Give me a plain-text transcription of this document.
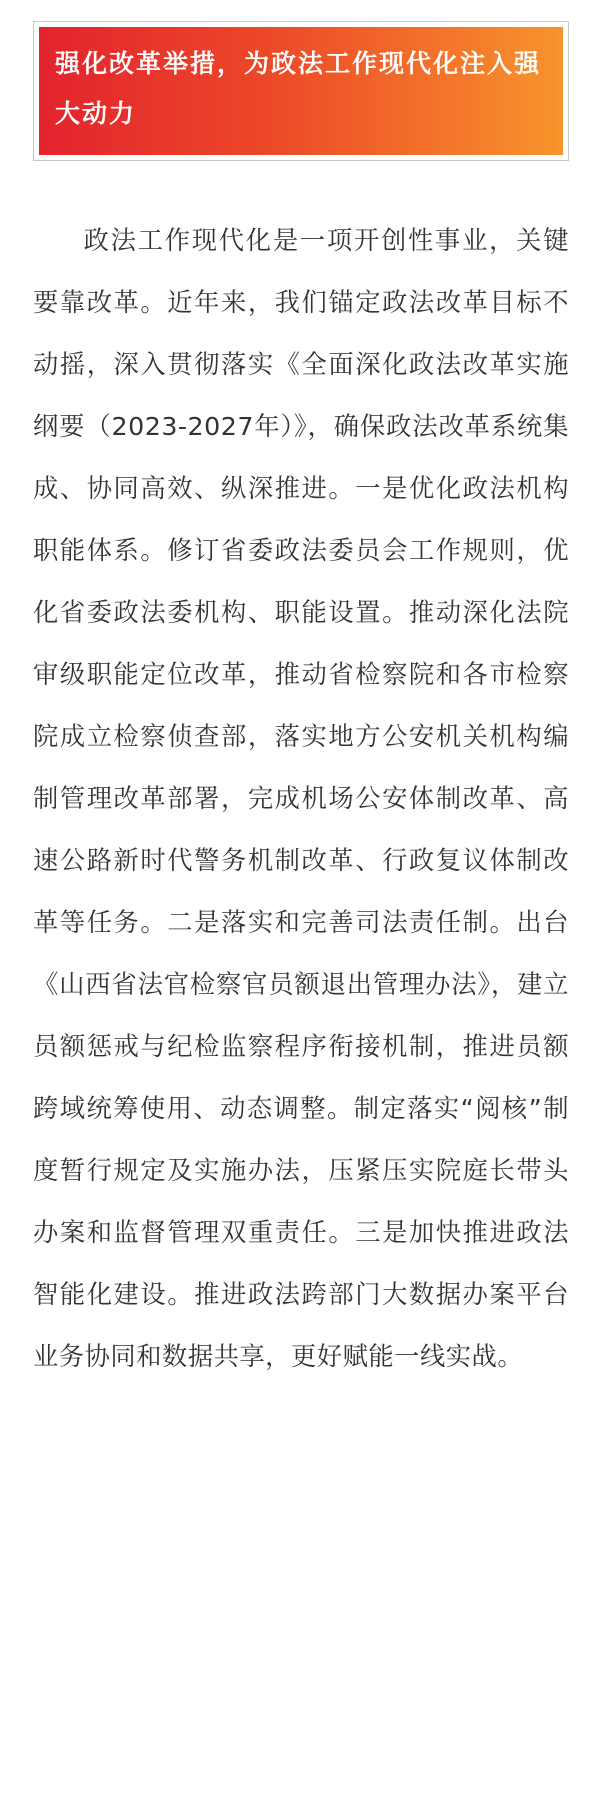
强化改革举措，为政法工作现代化注入强大动力

政法工作现代化是一项开创性事业，关键要靠改革。近年来，我们锚定政法改革目标不动摇，深入贯彻落实《全面深化政法改革实施纲要（2023-2027年）》，确保政法改革系统集成、协同高效、纵深推进。一是优化政法机构职能体系。修订省委政法委员会工作规则，优化省委政法委机构、职能设置。推动深化法院审级职能定位改革，推动省检察院和各市检察院成立检察侦查部，落实地方公安机关机构编制管理改革部署，完成机场公安体制改革、高速公路新时代警务机制改革、行政复议体制改革等任务。二是落实和完善司法责任制。出台《山西省法官检察官员额退出管理办法》，建立员额惩戒与纪检监察程序衔接机制，推进员额跨域统筹使用、动态调整。制定落实“阅核”制度暂行规定及实施办法，压紧压实院庭长带头办案和监督管理双重责任。三是加快推进政法智能化建设。推进政法跨部门大数据办案平台业务协同和数据共享，更好赋能一线实战。
